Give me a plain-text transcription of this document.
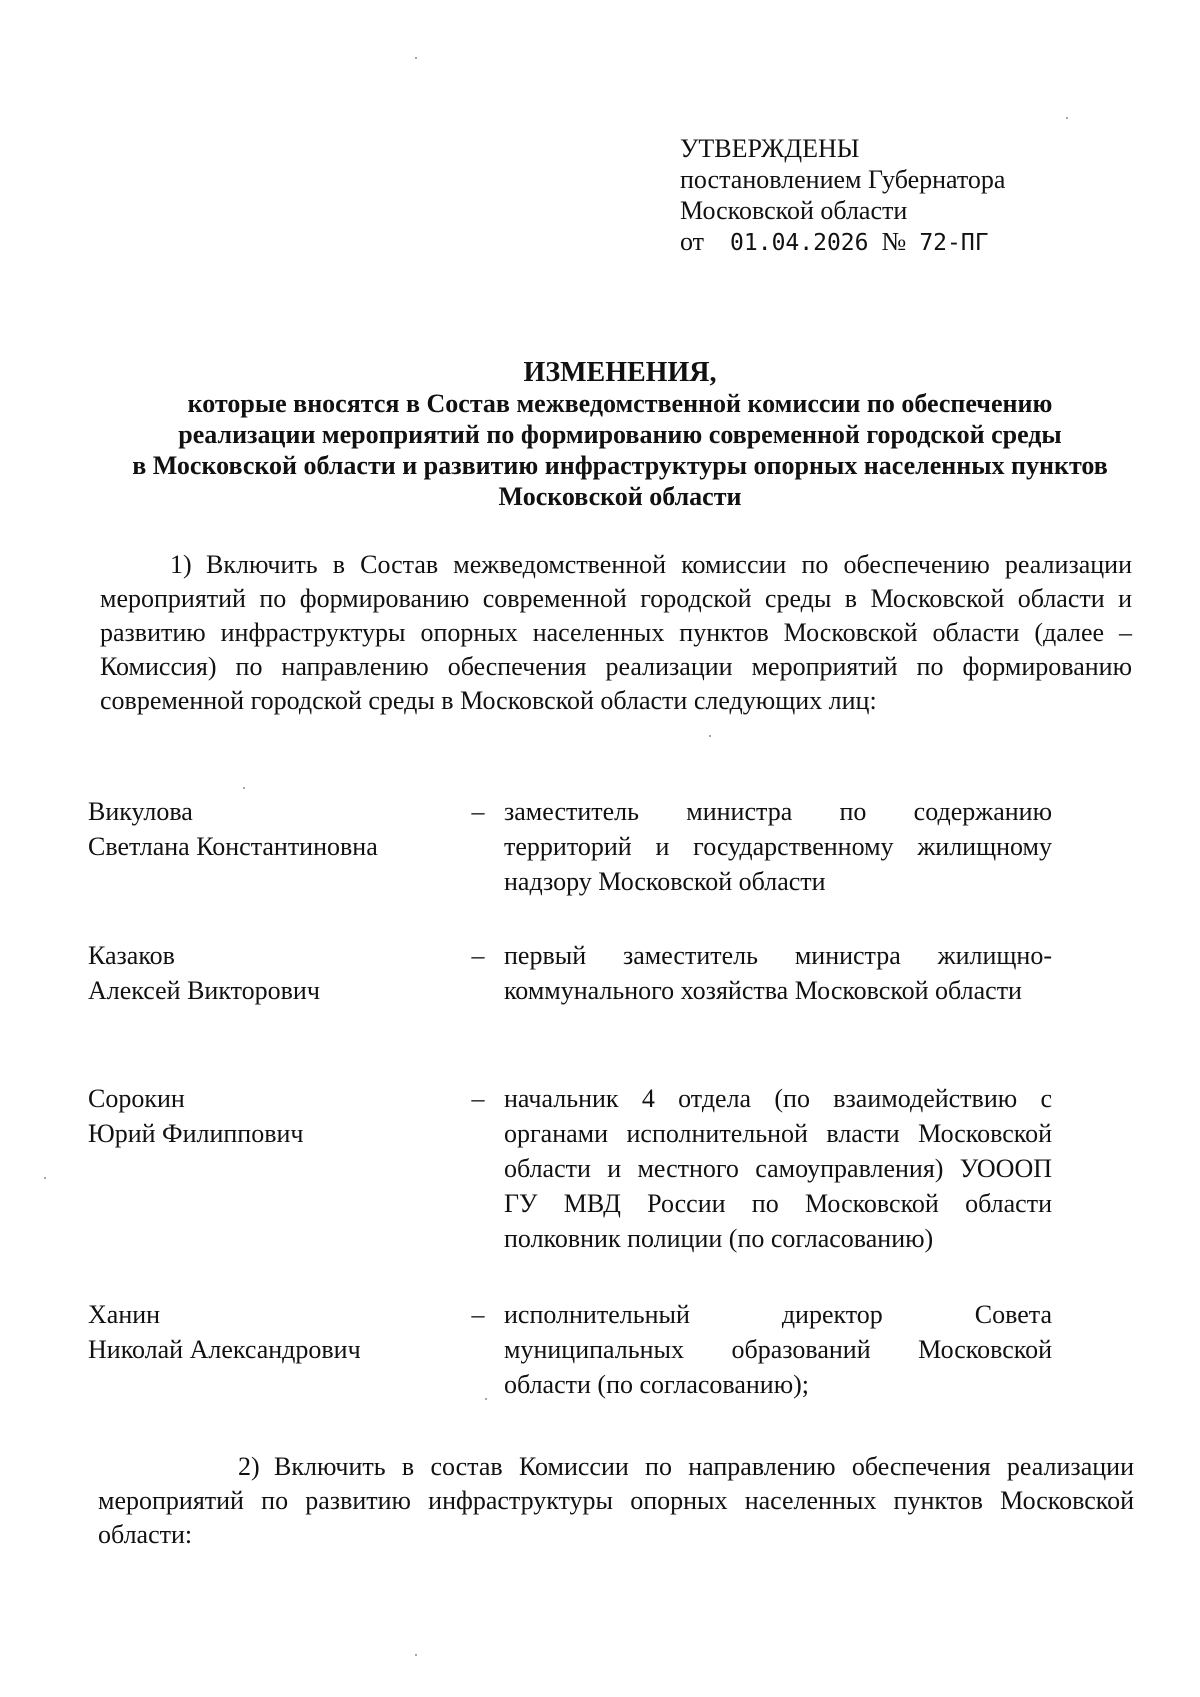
УТВЕРЖДЕНЫ
постановлением Губернатора
Московской области
от 01.04.2026 № 72-ПГ
ИЗМЕНЕНИЯ,
которые вносятся в Состав межведомственной комиссии по обеспечению
реализации мероприятий по формированию современной городской среды
в Московской области и развитию инфраструктуры опорных населенных пунктов
Московской области
1) Включить в Состав межведомственной комиссии по обеспечению реализации мероприятий по формированию современной городской среды в Московской области и развитию инфраструктуры опорных населенных пунктов Московской области (далее – Комиссия) по направлению обеспечения реализации мероприятий по формированию современной городской среды в Московской области следующих лиц:
Викулова
Светлана Константиновна
– заместитель министра по содержанию территорий и государственному жилищному надзору Московской области
Казаков
Алексей Викторович
– первый заместитель министра жилищно-коммунального хозяйства Московской области
Сорокин
Юрий Филиппович
– начальник 4 отдела (по взаимодействию с органами исполнительной власти Московской области и местного самоуправления) УОООП ГУ МВД России по Московской области полковник полиции (по согласованию)
Ханин
Николай Александрович
– исполнительный директор Совета муниципальных образований Московской области (по согласованию);
2) Включить в состав Комиссии по направлению обеспечения реализации мероприятий по развитию инфраструктуры опорных населенных пунктов Московской области:
